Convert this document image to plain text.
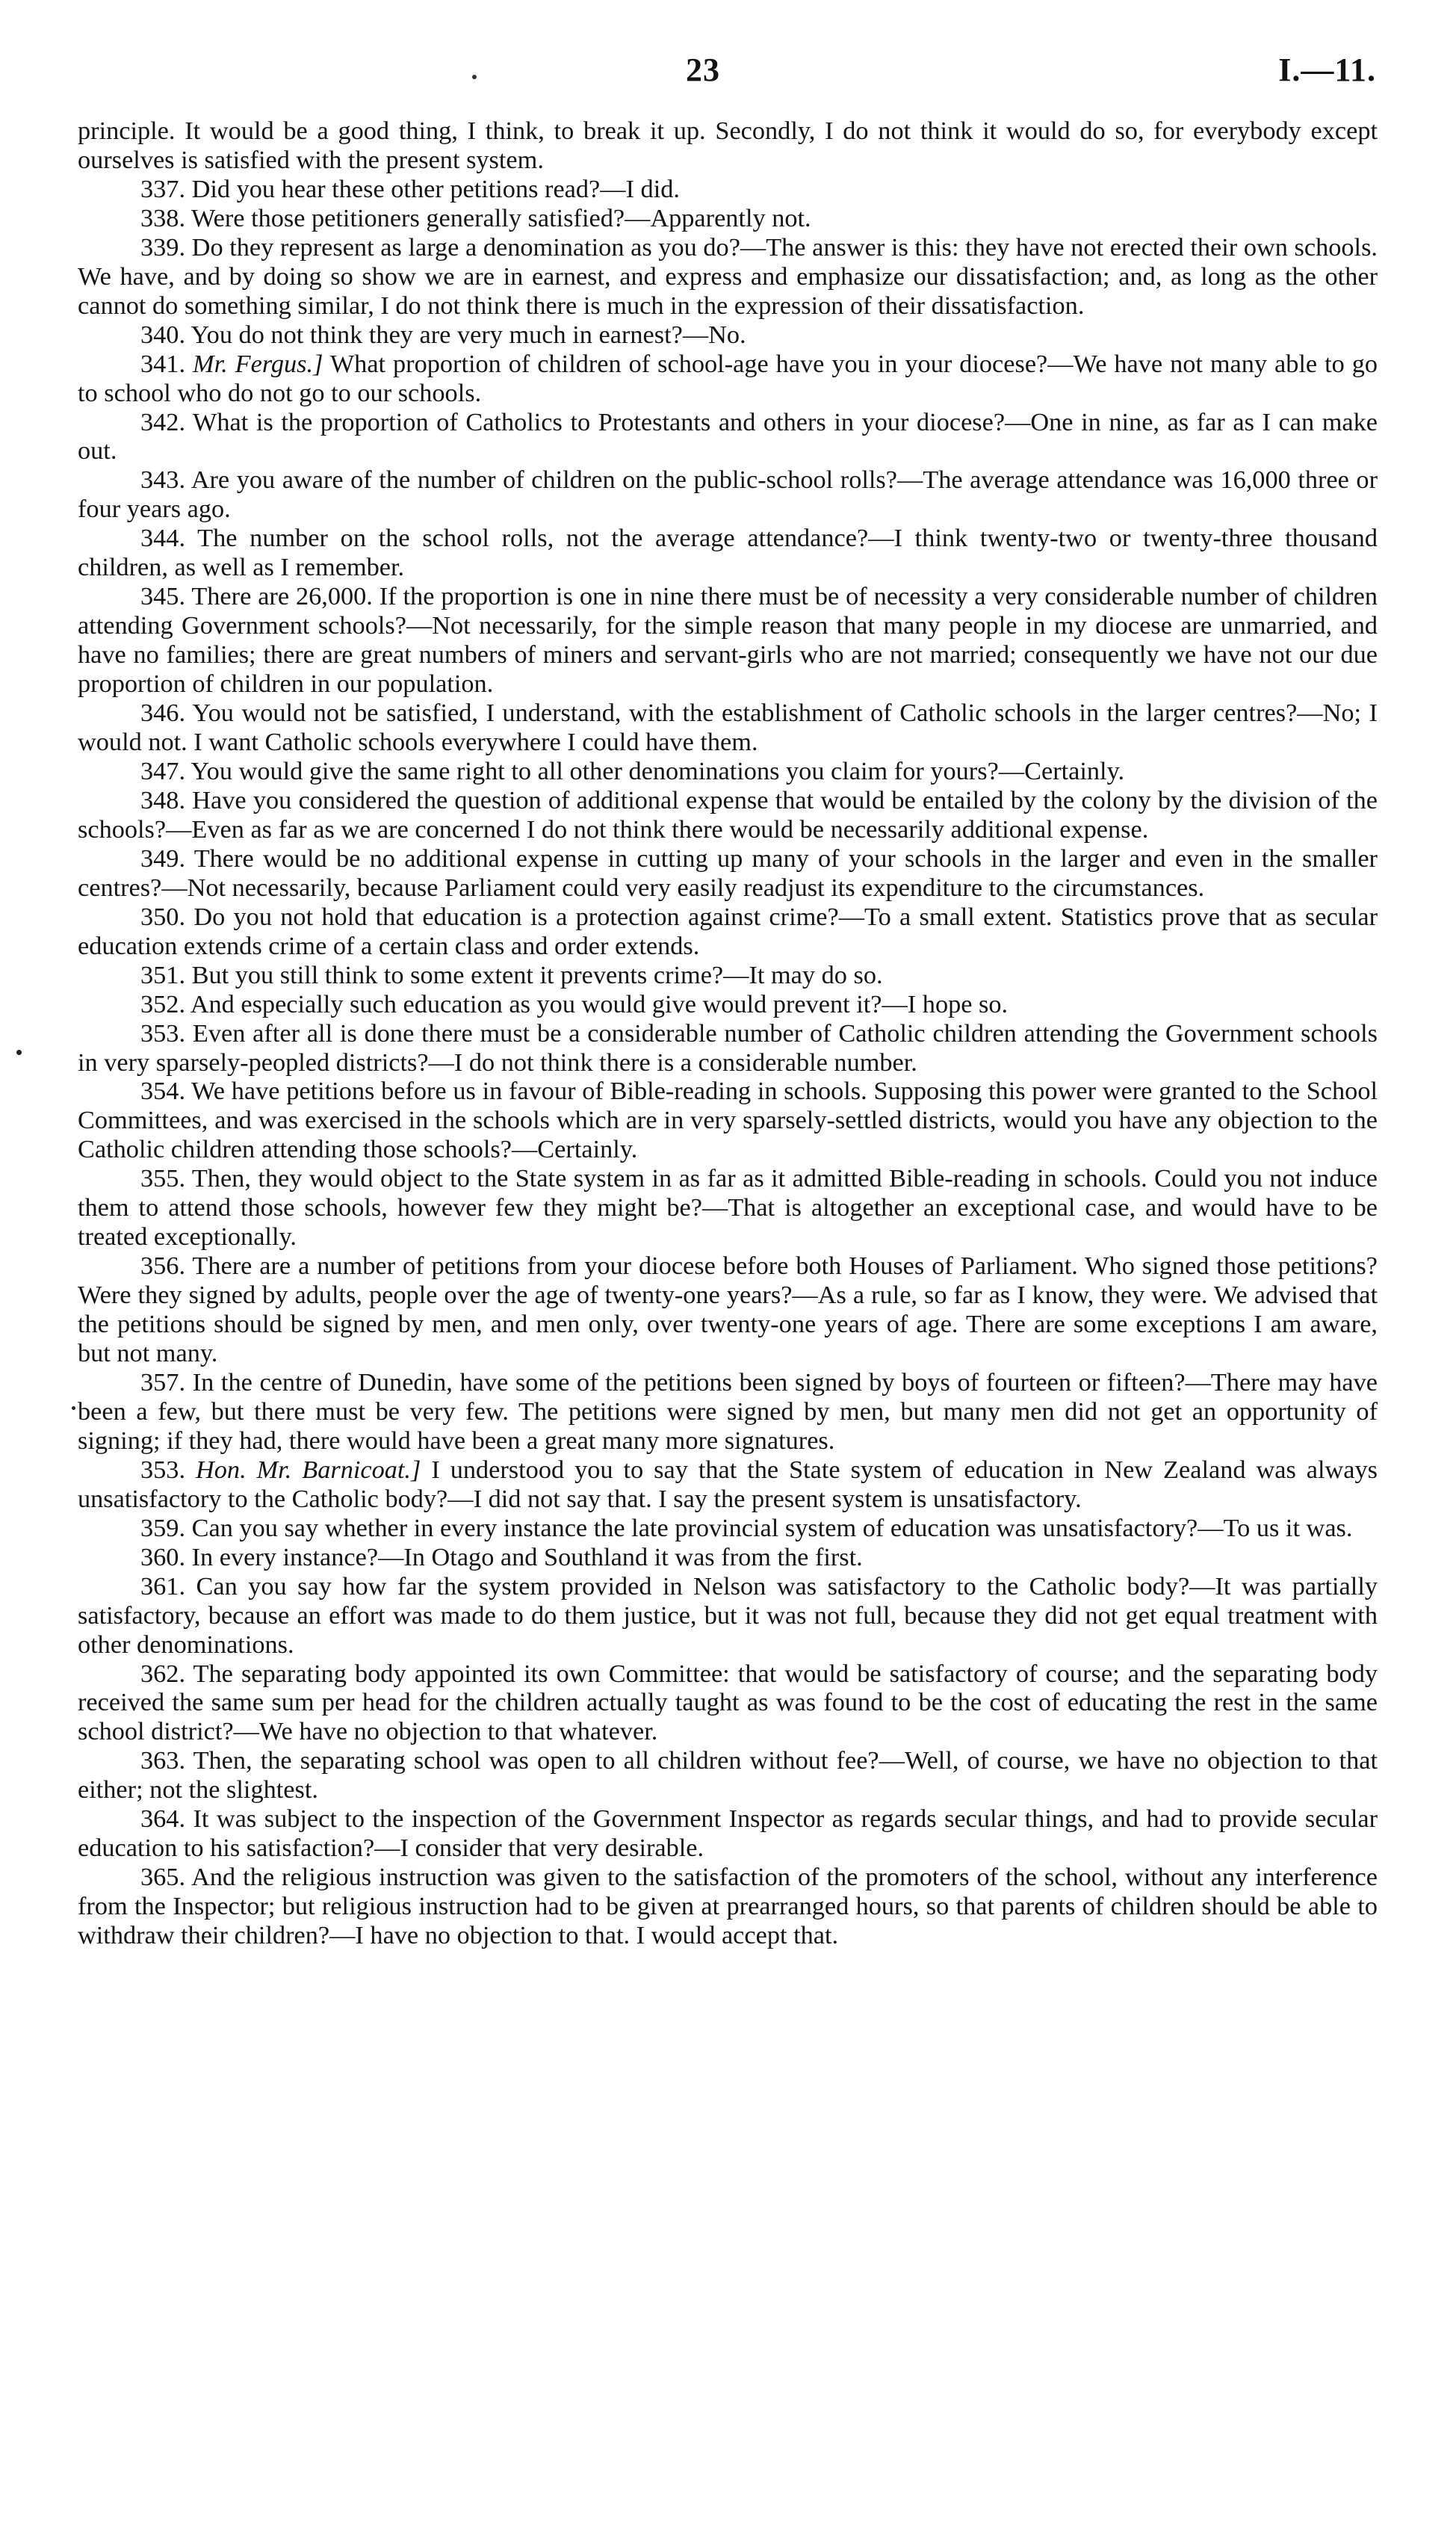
23	I.—11.

principle. It would be a good thing, I think, to break it up. Secondly, I do not think it would do so, for everybody except ourselves is satisfied with the present system.

337. Did you hear these other petitions read?—I did.

338. Were those petitioners generally satisfied?—Apparently not.

339. Do they represent as large a denomination as you do?—The answer is this: they have not erected their own schools. We have, and by doing so show we are in earnest, and express and emphasize our dissatisfaction; and, as long as the other cannot do something similar, I do not think there is much in the expression of their dissatisfaction.

340. You do not think they are very much in earnest?—No.

341. Mr. Fergus.] What proportion of children of school-age have you in your diocese?—We have not many able to go to school who do not go to our schools.

342. What is the proportion of Catholics to Protestants and others in your diocese?—One in nine, as far as I can make out.

343. Are you aware of the number of children on the public-school rolls?—The average attendance was 16,000 three or four years ago.

344. The number on the school rolls, not the average attendance?—I think twenty-two or twenty-three thousand children, as well as I remember.

345. There are 26,000. If the proportion is one in nine there must be of necessity a very considerable number of children attending Government schools?—Not necessarily, for the simple reason that many people in my diocese are unmarried, and have no families; there are great numbers of miners and servant-girls who are not married; consequently we have not our due proportion of children in our population.

346. You would not be satisfied, I understand, with the establishment of Catholic schools in the larger centres?—No; I would not. I want Catholic schools everywhere I could have them.

347. You would give the same right to all other denominations you claim for yours?—Certainly.

348. Have you considered the question of additional expense that would be entailed by the colony by the division of the schools?—Even as far as we are concerned I do not think there would be necessarily additional expense.

349. There would be no additional expense in cutting up many of your schools in the larger and even in the smaller centres?—Not necessarily, because Parliament could very easily readjust its expenditure to the circumstances.

350. Do you not hold that education is a protection against crime?—To a small extent. Statistics prove that as secular education extends crime of a certain class and order extends.

351. But you still think to some extent it prevents crime?—It may do so.

352. And especially such education as you would give would prevent it?—I hope so.

353. Even after all is done there must be a considerable number of Catholic children attending the Government schools in very sparsely-peopled districts?—I do not think there is a considerable number.

354. We have petitions before us in favour of Bible-reading in schools. Supposing this power were granted to the School Committees, and was exercised in the schools which are in very sparsely-settled districts, would you have any objection to the Catholic children attending those schools?—Certainly.

355. Then, they would object to the State system in as far as it admitted Bible-reading in schools. Could you not induce them to attend those schools, however few they might be?—That is altogether an exceptional case, and would have to be treated exceptionally.

356. There are a number of petitions from your diocese before both Houses of Parliament. Who signed those petitions? Were they signed by adults, people over the age of twenty-one years?—As a rule, so far as I know, they were. We advised that the petitions should be signed by men, and men only, over twenty-one years of age. There are some exceptions I am aware, but not many.

357. In the centre of Dunedin, have some of the petitions been signed by boys of fourteen or fifteen?—There may have been a few, but there must be very few. The petitions were signed by men, but many men did not get an opportunity of signing; if they had, there would have been a great many more signatures.

353. Hon. Mr. Barnicoat.] I understood you to say that the State system of education in New Zealand was always unsatisfactory to the Catholic body?—I did not say that. I say the present system is unsatisfactory.

359. Can you say whether in every instance the late provincial system of education was unsatisfactory?—To us it was.

360. In every instance?—In Otago and Southland it was from the first.

361. Can you say how far the system provided in Nelson was satisfactory to the Catholic body?—It was partially satisfactory, because an effort was made to do them justice, but it was not full, because they did not get equal treatment with other denominations.

362. The separating body appointed its own Committee: that would be satisfactory of course; and the separating body received the same sum per head for the children actually taught as was found to be the cost of educating the rest in the same school district?—We have no objection to that whatever.

363. Then, the separating school was open to all children without fee?—Well, of course, we have no objection to that either; not the slightest.

364. It was subject to the inspection of the Government Inspector as regards secular things, and had to provide secular education to his satisfaction?—I consider that very desirable.

365. And the religious instruction was given to the satisfaction of the promoters of the school, without any interference from the Inspector; but religious instruction had to be given at prearranged hours, so that parents of children should be able to withdraw their children?—I have no objection to that. I would accept that.
